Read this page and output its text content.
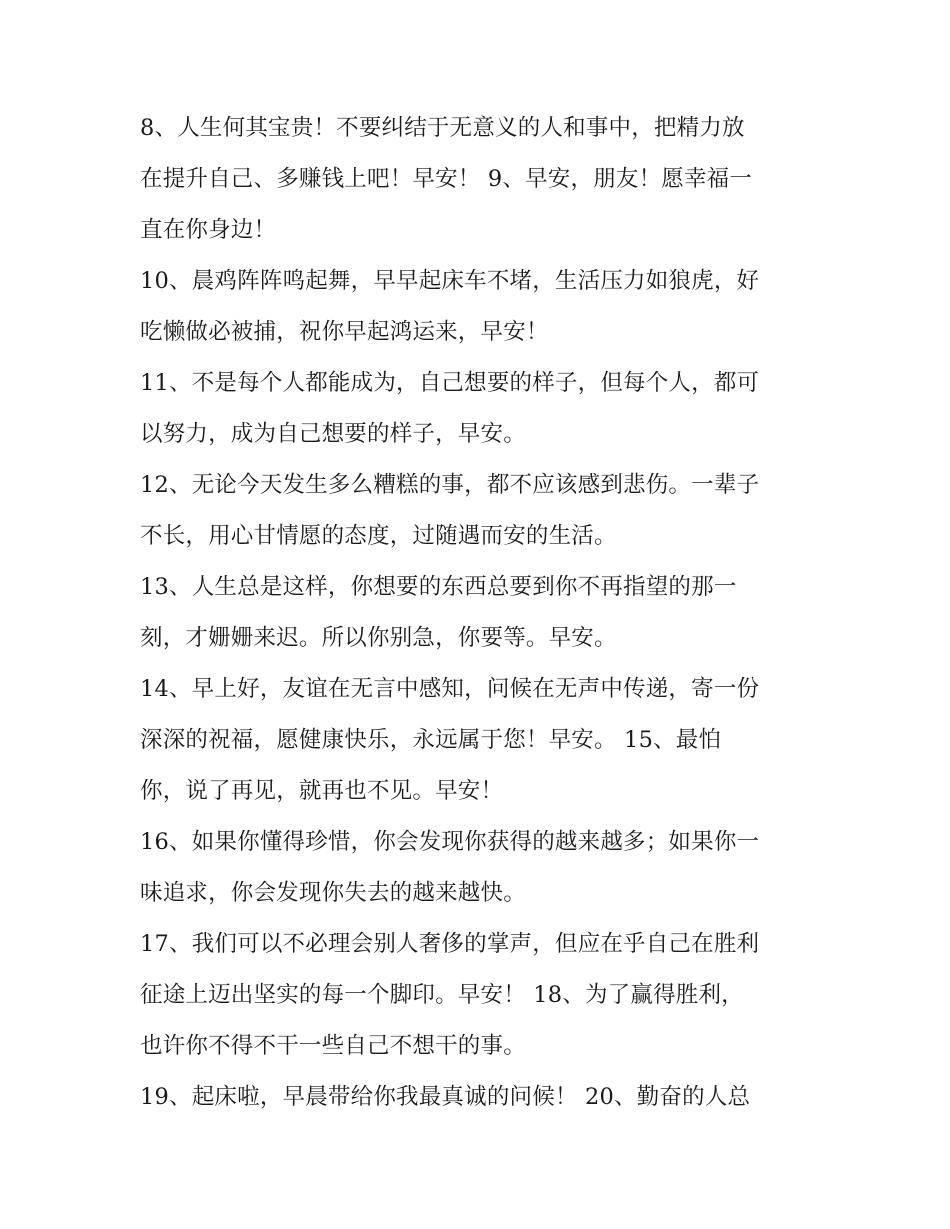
8、人生何其宝贵！不要纠结于无意义的人和事中，把精力放
在提升自己、多赚钱上吧！早安！ 9、早安，朋友！愿幸福一
直在你身边！
10、晨鸡阵阵鸣起舞，早早起床车不堵，生活压力如狼虎，好
吃懒做必被捕，祝你早起鸿运来，早安！
11、不是每个人都能成为，自己想要的样子，但每个人，都可
以努力，成为自己想要的样子，早安。
12、无论今天发生多么糟糕的事，都不应该感到悲伤。一辈子
不长，用心甘情愿的态度，过随遇而安的生活。
13、人生总是这样，你想要的东西总要到你不再指望的那一
刻，才姗姗来迟。所以你别急，你要等。早安。
14、早上好，友谊在无言中感知，问候在无声中传递，寄一份
深深的祝福，愿健康快乐，永远属于您！早安。 15、最怕
你，说了再见，就再也不见。早安！
16、如果你懂得珍惜，你会发现你获得的越来越多；如果你一
味追求，你会发现你失去的越来越快。
17、我们可以不必理会别人奢侈的掌声，但应在乎自己在胜利
征途上迈出坚实的每一个脚印。早安！ 18、为了赢得胜利，
也许你不得不干一些自己不想干的事。
19、起床啦，早晨带给你我最真诚的问候！ 20、勤奋的人总
